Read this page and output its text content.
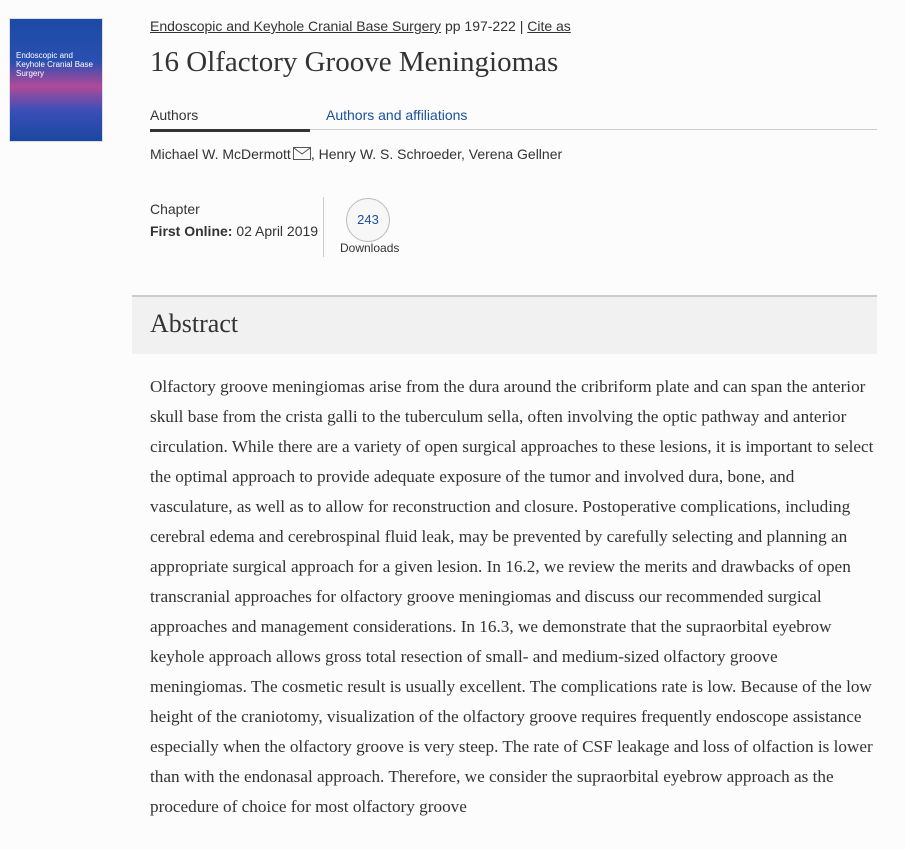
Endoscopic and Keyhole Cranial Base Surgery
Endoscopic and Keyhole Cranial Base Surgery pp 197-222 | Cite as
16 Olfactory Groove Meningiomas
Authors	Authors and affiliations
Michael W. McDermott , Henry W. S. Schroeder, Verena Gellner
Chapter
First Online: 02 April 2019
243
Downloads
Abstract

Olfactory groove meningiomas arise from the dura around the cribriform plate and can span the anterior skull base from the crista galli to the tuberculum sella, often involving the optic pathway and anterior circulation. While there are a variety of open surgical approaches to these lesions, it is important to select the optimal approach to provide adequate exposure of the tumor and involved dura, bone, and vasculature, as well as to allow for reconstruction and closure. Postoperative complications, including cerebral edema and cerebrospinal fluid leak, may be prevented by carefully selecting and planning an appropriate surgical approach for a given lesion. In 16.2, we review the merits and drawbacks of open transcranial approaches for olfactory groove meningiomas and discuss our recommended surgical approaches and management considerations. In 16.3, we demonstrate that the supraorbital eyebrow keyhole approach allows gross total resection of small- and medium-sized olfactory groove meningiomas. The cosmetic result is usually excellent. The complications rate is low. Because of the low height of the craniotomy, visualization of the olfactory groove requires frequently endoscope assistance especially when the olfactory groove is very steep. The rate of CSF leakage and loss of olfaction is lower than with the endonasal approach. Therefore, we consider the supraorbital eyebrow approach as the procedure of choice for most olfactory groove
